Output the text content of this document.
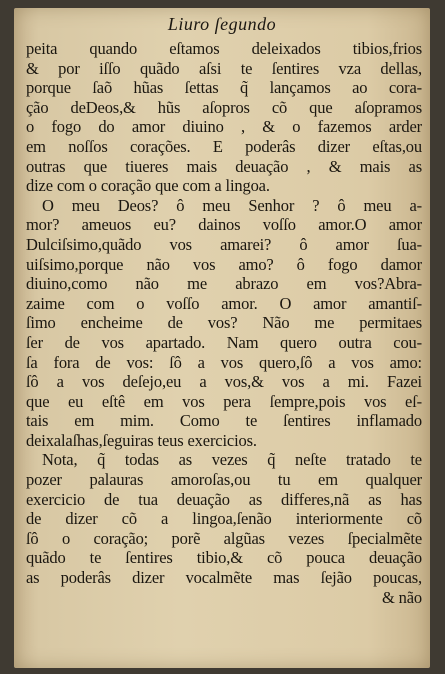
Liuro ſegundo
peita quando eſtamos deleixados tibios,frios
& por iſſo quãdo aſsi te ſentires vza dellas,
porque ſaõ hũas ſettas q̃ lançamos ao cora-
ção deDeos,& hũs aſopros cõ que aſopramos
o fogo do amor diuino , & o fazemos arder
em noſſos corações. E poderâs dizer eſtas,ou
outras que tiueres mais deuação , & mais as
dize com o coração que com a lingoa.
O meu Deos? ô meu Senhor ? ô meu a-
mor? ameuos eu? dainos voſſo amor.O amor
Dulciſsimo,quãdo vos amarei? ô amor ſua-
uiſsimo,porque não vos amo? ô fogo damor
diuino,como não me abrazo em vos?Abra-
zaime com o voſſo amor. O amor amantiſ-
ſimo encheime de vos? Não me permitaes
ſer de vos apartado. Nam quero outra cou-
ſa fora de vos: ſô a vos quero,ſô a vos amo:
ſô a vos deſejo,eu a vos,& vos a mi. Fazei
que eu eſtê em vos pera ſempre,pois vos eſ-
tais em mim. Como te ſentires inflamado
deixalaſhas,ſeguiras teus exercicios.
Nota, q̃ todas as vezes q̃ neſte tratado te
pozer palauras amoroſas,ou tu em qualquer
exercicio de tua deuação as differes,nã as has
de dizer cõ a lingoa,ſenão interiormente cõ
ſô o coração; porẽ algũas vezes ſpecialmẽte
quãdo te ſentires tibio,& cõ pouca deuação
as poderâs dizer vocalmẽte mas ſejão poucas,
& não
